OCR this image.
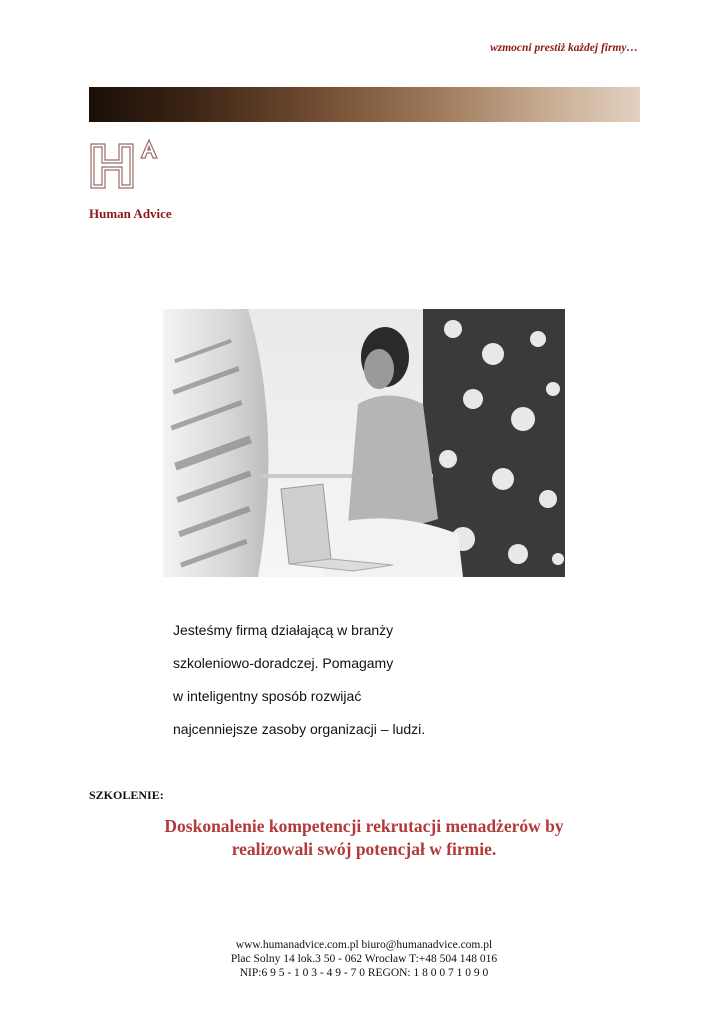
wzmocni prestiż każdej firmy…
Human Advice
Jesteśmy firmą działającą w branży
szkoleniowo-doradczej. Pomagamy
w inteligentny sposób rozwijać
najcenniejsze zasoby organizacji – ludzi.
SZKOLENIE:
Doskonalenie kompetencji rekrutacji menadżerów by
realizowali swój potencjał w firmie.
www.humanadvice.com.pl biuro@humanadvice.com.pl
Plac Solny 14 lok.3 50 - 062 Wrocław T:+48 504 148 016
NIP:6 9 5 - 1 0 3 - 4 9 - 7 0 REGON: 1 8 0 0 7 1 0 9 0
